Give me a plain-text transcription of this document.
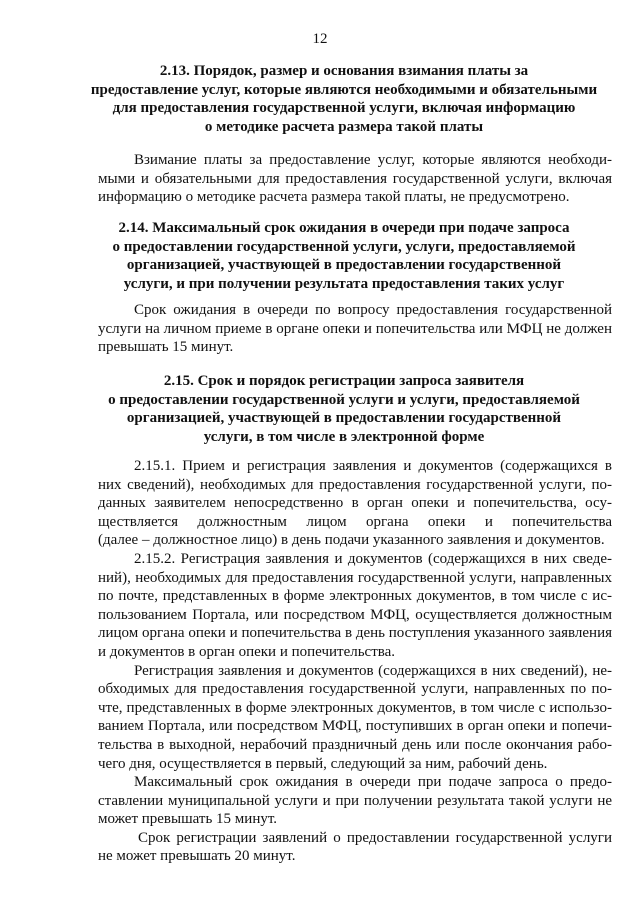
12
2.13. Порядок, размер и основания взимания платы за
предоставление услуг, которые являются необходимыми и обязательными
для предоставления государственной услуги, включая информацию
о методике расчета размера такой платы
Взимание платы за предоставление услуг, которые являются необходи-
мыми и обязательными для предоставления государственной услуги, включая
информацию о методике расчета размера такой платы, не предусмотрено.
2.14. Максимальный срок ожидания в очереди при подаче запроса
о предоставлении государственной услуги, услуги, предоставляемой
организацией, участвующей в предоставлении государственной
услуги, и при получении результата предоставления таких услуг
Срок ожидания в очереди по вопросу предоставления государственной
услуги на личном приеме в органе опеки и попечительства или МФЦ не должен
превышать 15 минут.
2.15. Срок и порядок регистрации запроса заявителя
о предоставлении государственной услуги и услуги, предоставляемой
организацией, участвующей в предоставлении государственной
услуги, в том числе в электронной форме
2.15.1. Прием и регистрация заявления и документов (содержащихся в
них сведений), необходимых для предоставления государственной услуги, по-
данных заявителем непосредственно в орган опеки и попечительства, осу-
ществляется должностным лицом органа опеки и попечительства
(далее – должностное лицо) в день подачи указанного заявления и документов.
2.15.2. Регистрация заявления и документов (содержащихся в них сведе-
ний), необходимых для предоставления государственной услуги, направленных
по почте, представленных в форме электронных документов, в том числе с ис-
пользованием Портала, или посредством МФЦ, осуществляется должностным
лицом органа опеки и попечительства в день поступления указанного заявления
и документов в орган опеки и попечительства.
Регистрация заявления и документов (содержащихся в них сведений), не-
обходимых для предоставления государственной услуги, направленных по по-
чте, представленных в форме электронных документов, в том числе с использо-
ванием Портала, или посредством МФЦ, поступивших в орган опеки и попечи-
тельства в выходной, нерабочий праздничный день или после окончания рабо-
чего дня, осуществляется в первый, следующий за ним, рабочий день.
Максимальный срок ожидания в очереди при подаче запроса о предо-
ставлении муниципальной услуги и при получении результата такой услуги не
может превышать 15 минут.
Срок регистрации заявлений о предоставлении государственной услуги
не может превышать 20 минут.
